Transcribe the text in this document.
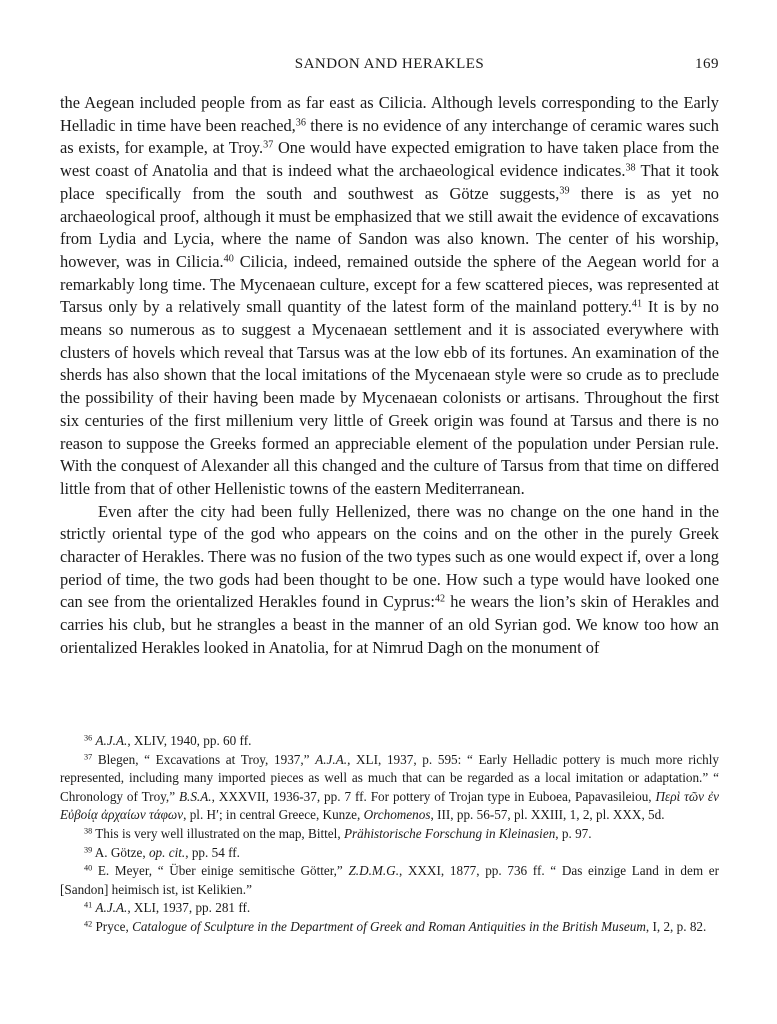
SANDON AND HERAKLES	169

the Aegean included people from as far east as Cilicia. Although levels corresponding to the Early Helladic in time have been reached,$^{36}$ there is no evidence of any interchange of ceramic wares such as exists, for example, at Troy.$^{37}$ One would have expected emigration to have taken place from the west coast of Anatolia and that is indeed what the archaeological evidence indicates.$^{38}$ That it took place specifically from the south and southwest as Götze suggests,$^{39}$ there is as yet no archaeological proof, although it must be emphasized that we still await the evidence of excavations from Lydia and Lycia, where the name of Sandon was also known. The center of his worship, however, was in Cilicia.$^{40}$ Cilicia, indeed, remained outside the sphere of the Aegean world for a remarkably long time. The Mycenaean culture, except for a few scattered pieces, was represented at Tarsus only by a relatively small quantity of the latest form of the mainland pottery.$^{41}$ It is by no means so numerous as to suggest a Mycenaean settlement and it is associated everywhere with clusters of hovels which reveal that Tarsus was at the low ebb of its fortunes. An examination of the sherds has also shown that the local imitations of the Mycenaean style were so crude as to preclude the possibility of their having been made by Mycenaean colonists or artisans. Throughout the first six centuries of the first millenium very little of Greek origin was found at Tarsus and there is no reason to suppose the Greeks formed an appreciable element of the population under Persian rule. With the conquest of Alexander all this changed and the culture of Tarsus from that time on differed little from that of other Hellenistic towns of the eastern Mediterranean.

Even after the city had been fully Hellenized, there was no change on the one hand in the strictly oriental type of the god who appears on the coins and on the other in the purely Greek character of Herakles. There was no fusion of the two types such as one would expect if, over a long period of time, the two gods had been thought to be one. How such a type would have looked one can see from the orientalized Herakles found in Cyprus:$^{42}$ he wears the lion’s skin of Herakles and carries his club, but he strangles a beast in the manner of an old Syrian god. We know too how an orientalized Herakles looked in Anatolia, for at Nimrud Dagh on the monument of

$^{36}$ A.J.A., XLIV, 1940, pp. 60 ff.

$^{37}$ Blegen, “ Excavations at Troy, 1937,” A.J.A., XLI, 1937, p. 595: “ Early Helladic pottery is much more richly represented, including many imported pieces as well as much that can be regarded as a local imitation or adaptation.” “ Chronology of Troy,” B.S.A., XXXVII, 1936-37, pp. 7 ff. For pottery of Trojan type in Euboea, Papavasileiou, Περὶ τῶν ἐν Εὐβοίᾳ ἀρχαίων τάφων, pl. Η′; in central Greece, Kunze, Orchomenos, III, pp. 56-57, pl. XXIII, 1, 2, pl. XXX, 5d.

$^{38}$ This is very well illustrated on the map, Bittel, Prähistorische Forschung in Kleinasien, p. 97.

$^{39}$ A. Götze, op. cit., pp. 54 ff.

$^{40}$ E. Meyer, “ Über einige semitische Götter,” Z.D.M.G., XXXI, 1877, pp. 736 ff. “ Das einzige Land in dem er [Sandon] heimisch ist, ist Kelikien.”

$^{41}$ A.J.A., XLI, 1937, pp. 281 ff.

$^{42}$ Pryce, Catalogue of Sculpture in the Department of Greek and Roman Antiquities in the British Museum, I, 2, p. 82.
